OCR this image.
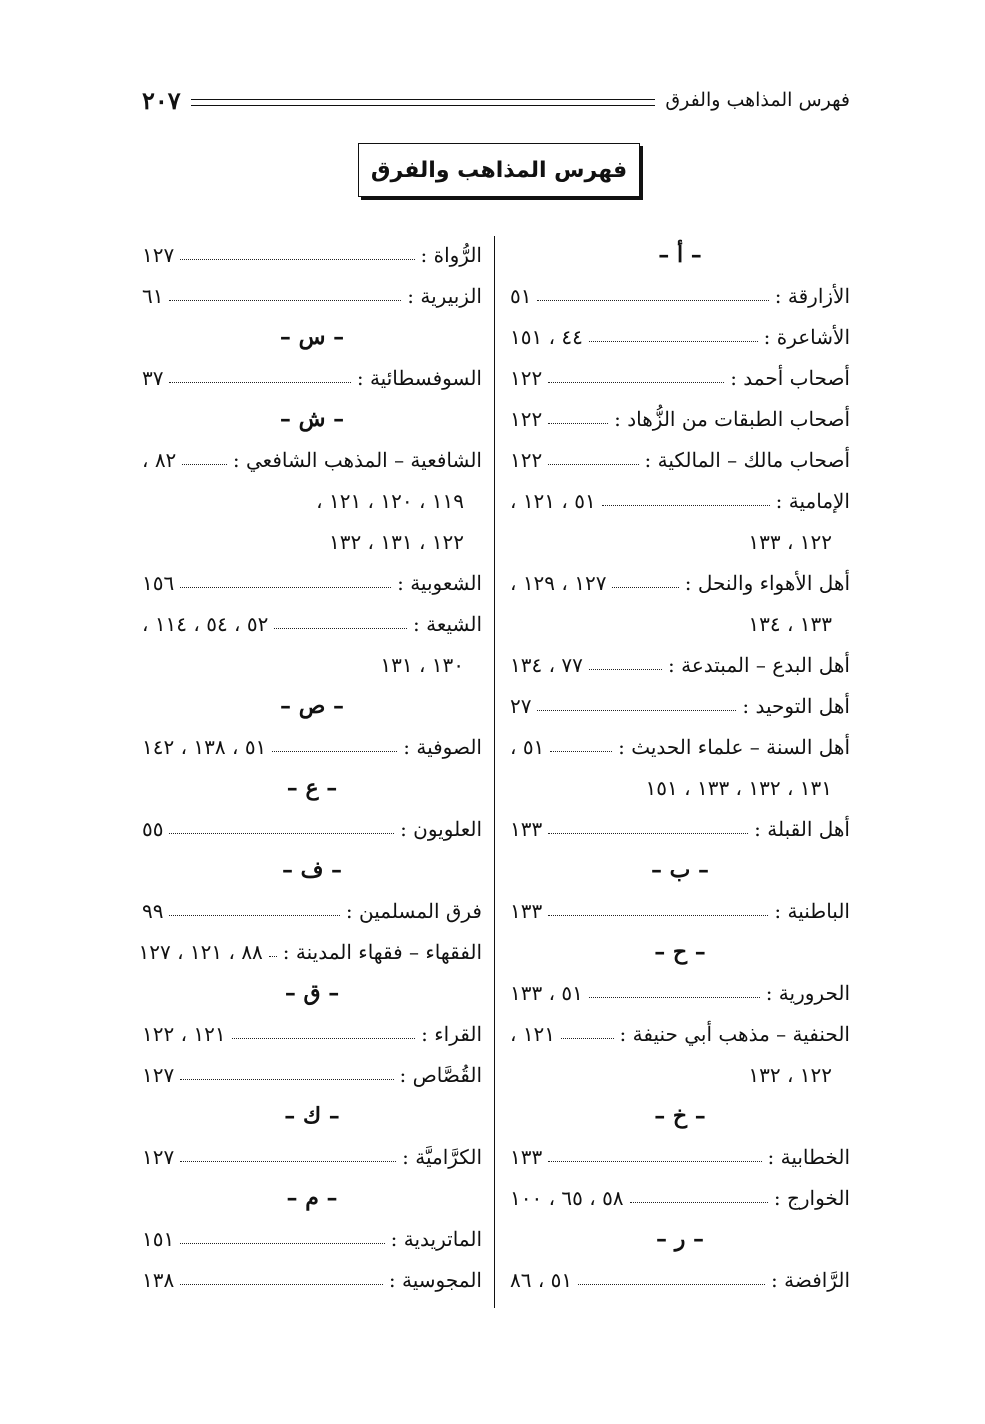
٢٠٧	فهرس المذاهب والفرق
فهرس المذاهب والفرق
– أ –
الأزارقة :
٥١
الأشاعرة :
٤٤ ، ١٥١
أصحاب أحمد :
١٢٢
أصحاب الطبقات من الزُّهاد :
١٢٢
أصحاب مالك – المالكية :
١٢٢
الإمامية :
٥١ ، ١٢١ ،
١٢٢ ، ١٣٣
أهل الأهواء والنحل :
١٢٧ ، ١٢٩ ،
١٣٣ ، ١٣٤
أهل البدع – المبتدعة :
٧٧ ، ١٣٤
أهل التوحيد :
٢٧
أهل السنة – علماء الحديث :
٥١ ،
١٣١ ، ١٣٢ ، ١٣٣ ، ١٥١
أهل القبلة :
١٣٣
– ب –
الباطنية :
١٣٣
– ح –
الحرورية :
٥١ ، ١٣٣
الحنفية – مذهب أبي حنيفة :
١٢١ ،
١٢٢ ، ١٣٢
– خ –
الخطابية :
١٣٣
الخوارج :
٥٨ ، ٦٥ ، ١٠٠
– ر –
الرَّافضة :
٥١ ، ٨٦
الرُّواة :
١٢٧
الزبيرية :
٦١
– س –
السوفسطائية :
٣٧
– ش –
الشافعية – المذهب الشافعي :
٨٢ ،
١١٩ ، ١٢٠ ، ١٢١ ،
١٢٢ ، ١٣١ ، ١٣٢
الشعوبية :
١٥٦
الشيعة :
٥٢ ، ٥٤ ، ١١٤ ،
١٣٠ ، ١٣١
– ص –
الصوفية :
٥١ ، ١٣٨ ، ١٤٢
– ع –
العلويون :
٥٥
– ف –
فرق المسلمين :
٩٩
الفقهاء – فقهاء المدينة :
٨٨ ، ١٢١ ، ١٢٧
– ق –
القراء :
١٢١ ، ١٢٢
القُصَّاص :
١٢٧
– ك –
الكرَّاميَّة :
١٢٧
– م –
الماتريدية :
١٥١
المجوسية :
١٣٨
